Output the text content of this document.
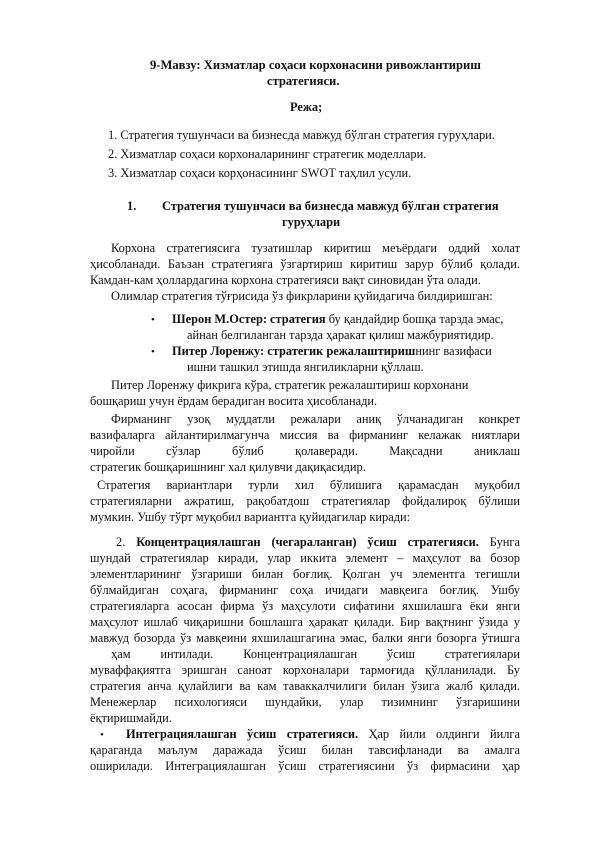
9-Мавзу: Хизматлар соҳаси корхонасини ривожлантириш
стратегияси.
Режа;
1. Стратегия тушунчаси ва бизнесда мавжуд бўлган стратегия гуруҳлари.
2. Хизматлар соҳаси корхоналарининг стратегик моделлари.
3. Хизматлар соҳаси корҳонасининг SWOT таҳлил усули.
1. Стратегия тушунчаси ва бизнесда мавжуд бўлган стратегия
гуруҳлари
Корхона стратегиясига тузатишлар киритиш меъёрдаги оддий холат
ҳисобланади. Баъзан стратегияга ўзгартириш киритиш зарур бўлиб қолади.
Камдан-кам ҳоллардагина корхона стратегияси вақт синовидан ўта олади.
Олимлар стратегия тўғрисида ўз фикрларини қуйидагича билдиришган:
• Шерон М.Остер: стратегия бу қандайдир бошқа тарзда эмас,
айнан белгиланган тарзда ҳаракат қилиш мажбуриятидир.
• Питер Лоренжу: стратегик режалаштиришнинг вазифаси
ишни ташкил этишда янгиликларни қўллаш.
Питер Лоренжу фикрига кўра, стратегик режалаштириш корхонани
бошқариш учун ёрдам берадиган восита ҳисобланади.
Фирманинг узоқ муддатли режалари аниқ ўлчанадиган конкрет
вазифаларга айлантирилмагунча миссия ва фирманинг келажак ниятлари
чиройли сўзлар бўлиб қолаверади. Мақсадни аниклаш
стратегик бошқаришнинг хал қилувчи дақиқасидир.
Стратегия вариантлари турли хил бўлишига қарамасдан муқобил
стратегияларни ажратиш, рақобатдош стратегиялар фойдалироқ бўлиши
мумкин. Ушбу тўрт муқобил вариантга қуйидагилар киради:
2. Концентрациялашган (чегараланган) ўсиш стратегияси. Бунга
шундай стратегиялар киради, улар иккита элемент – маҳсулот ва бозор
элементларининг ўзгариши билан боғлиқ. Қолган уч элементга тегишли
бўлмайдиган соҳага, фирманинг соҳа ичидаги мавқеига боғлиқ. Ушбу
стратегияларга асосан фирма ўз маҳсулоти сифатини яхшилашга ёки янги
маҳсулот ишлаб чиқаришни бошлашга ҳаракат қилади. Бир вақтнинг ўзида у
мавжуд бозорда ўз мавқеини яхшилашгагина эмас, балки янги бозорга ўтишга
ҳам интилади. Концентрациялашган ўсиш стратегиялари
муваффақиятга эришган саноат корхоналари тармоғида қўлланилади. Бу
стратегия анча қулайлиги ва кам таваккалчилиги билан ўзига жалб қилади.
Менежерлар психологияси шундайки, улар тизимнинг ўзгаришини
ёқтиришмайди.
• Интеграциялашган ўсиш стратегияси. Ҳар йили олдинги йилга
қараганда маълум даражада ўсиш билан тавсифланади ва амалга
оширилади. Интеграциялашган ўсиш стратегиясини ўз фирмасини ҳар
